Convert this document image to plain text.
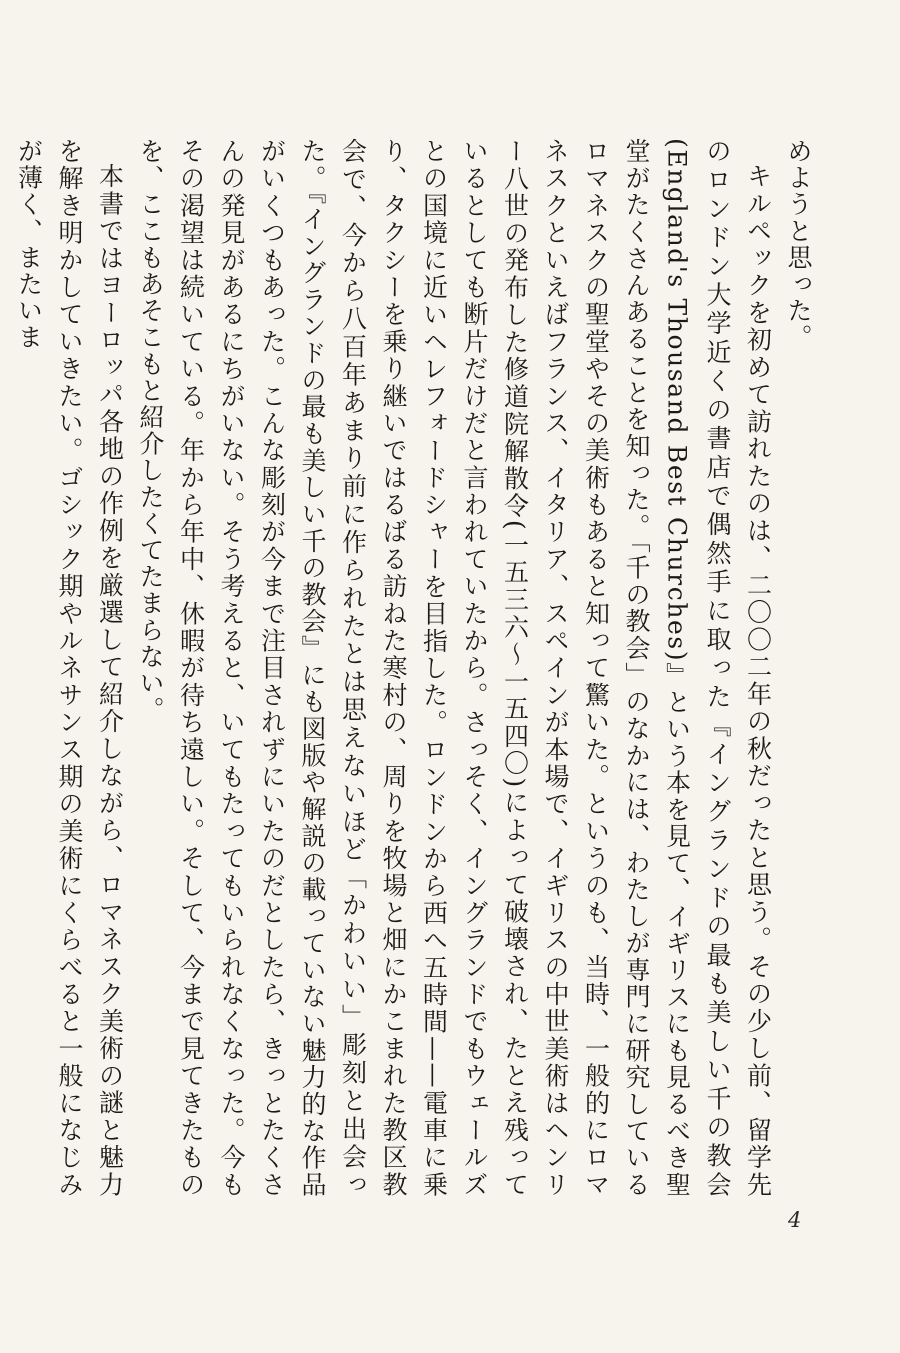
めようと思った。

キルペックを初めて訪れたのは、二〇〇二年の秋だったと思う。その少し前、留学先のロンドン大学近くの書店で偶然手に取った『イングランドの最も美しい千の教会(England's Thousand Best Churches)』という本を見て、イギリスにも見るべき聖堂がたくさんあることを知った。「千の教会」のなかには、わたしが専門に研究しているロマネスクの聖堂やその美術もあると知って驚いた。というのも、当時、一般的にロマネスクといえばフランス、イタリア、スペインが本場で、イギリスの中世美術はヘンリー八世の発布した修道院解散令(一五三六〜一五四〇)によって破壊され、たとえ残っているとしても断片だけだと言われていたから。さっそく、イングランドでもウェールズとの国境に近いヘレフォードシャーを目指した。ロンドンから西へ五時間——電車に乗り、タクシーを乗り継いではるばる訪ねた寒村の、周りを牧場と畑にかこまれた教区教会で、今から八百年あまり前に作られたとは思えないほど「かわいい」彫刻と出会った。『イングランドの最も美しい千の教会』にも図版や解説の載っていない魅力的な作品がいくつもあった。こんな彫刻が今まで注目されずにいたのだとしたら、きっとたくさんの発見があるにちがいない。そう考えると、いてもたってもいられなくなった。今もその渇望は続いている。年から年中、休暇が待ち遠しい。そして、今まで見てきたものを、ここもあそこもと紹介したくてたまらない。

本書ではヨーロッパ各地の作例を厳選して紹介しながら、ロマネスク美術の謎と魅力を解き明かしていきたい。ゴシック期やルネサンス期の美術にくらべると一般になじみが薄く、またいま

4
